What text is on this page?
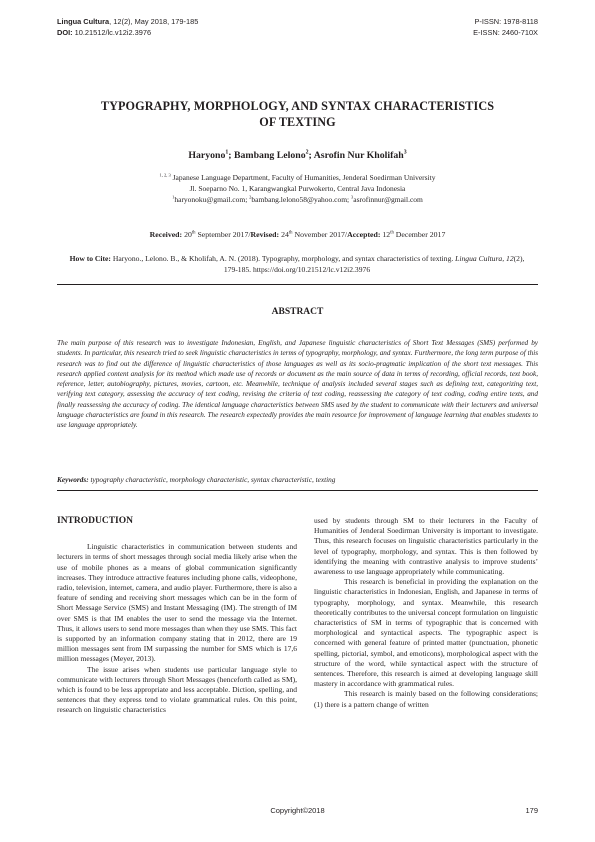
Lingua Cultura, 12(2), May 2018, 179-185
DOI: 10.21512/lc.v12i2.3976
P-ISSN: 1978-8118
E-ISSN: 2460-710X
TYPOGRAPHY, MORPHOLOGY, AND SYNTAX CHARACTERISTICS
OF TEXTING
Haryono$^1$; Bambang Lelono$^2$; Asrofin Nur Kholifah$^3$
$^{1, 2, 3}$ Japanese Language Department, Faculty of Humanities, Jenderal Soedirman University
Jl. Soeparno No. 1, Karangwangkal Purwokerto, Central Java Indonesia
$^1$haryonoku@gmail.com; $^2$bambang.lelono58@yahoo.com; $^3$asrofinnur@gmail.com
Received: 20th September 2017/Revised: 24th November 2017/Accepted: 12th December 2017
How to Cite: Haryono., Lelono. B., & Kholifah, A. N. (2018). Typography, morphology, and syntax characteristics of texting. Lingua Cultura, 12(2), 179-185. https://doi.org/10.21512/lc.v12i2.3976
ABSTRACT
The main purpose of this research was to investigate Indonesian, English, and Japanese linguistic characteristics of Short Text Messages (SMS) performed by students. In particular, this research tried to seek linguistic characteristics in terms of typography, morphology, and syntax. Furthermore, the long term purpose of this research was to find out the difference of linguistic characteristics of those languages as well as its socio-pragmatic implication of the short text messages. This research applied content analysis for its method which made use of records or document as the main source of data in terms of recording, official records, text book, reference, letter, autobiography, pictures, movies, cartoon, etc. Meanwhile, technique of analysis included several stages such as defining text, categorizing text, verifying text category, assessing the accuracy of text coding, revising the criteria of text coding, reassessing the category of text coding, coding entire texts, and finally reassessing the accuracy of coding. The identical language characteristics between SMS used by the student to communicate with their lecturers and universal language characteristics are found in this research. The research expectedly provides the main resource for improvement of language learning that enables students to use language appropriately.
Keywords: typography characteristic, morphology characteristic, syntax characteristic, texting
INTRODUCTION

Linguistic characteristics in communication between students and lecturers in terms of short messages through social media likely arise when the use of mobile phones as a means of global communication significantly increases. They introduce attractive features including phone calls, videophone, radio, television, internet, camera, and audio player. Furthermore, there is also a feature of sending and receiving short messages which can be in the form of Short Message Service (SMS) and Instant Messaging (IM). The strength of IM over SMS is that IM enables the user to send the message via the Internet. Thus, it allows users to send more messages than when they use SMS. This fact is supported by an information company stating that in 2012, there are 19 million messages sent from IM surpassing the number for SMS which is 17,6 million messages (Meyer, 2013).

The issue arises when students use particular language style to communicate with lecturers through Short Messages (henceforth called as SM), which is found to be less appropriate and less acceptable. Diction, spelling, and sentences that they express tend to violate grammatical rules. On this point, research on linguistic characteristics

used by students through SM to their lecturers in the Faculty of Humanities of Jenderal Soedirman University is important to investigate. Thus, this research focuses on linguistic characteristics particularly in the level of typography, morphology, and syntax. This is then followed by identifying the meaning with contrastive analysis to improve students’ awareness to use language appropriately while communicating.

This research is beneficial in providing the explanation on the linguistic characteristics in Indonesian, English, and Japanese in terms of typography, morphology, and syntax. Meanwhile, this research theoretically contributes to the universal concept formulation on linguistic characteristics of SM in terms of typographic that is concerned with morphological and syntactical aspects. The typographic aspect is concerned with general feature of printed matter (punctuation, phonetic spelling, pictorial, symbol, and emoticons), morphological aspect with the structure of the word, while syntactical aspect with the structure of sentences. Therefore, this research is aimed at developing language skill mastery in accordance with grammatical rules.

This research is mainly based on the following considerations; (1) there is a pattern change of written

Copyright©2018	179
